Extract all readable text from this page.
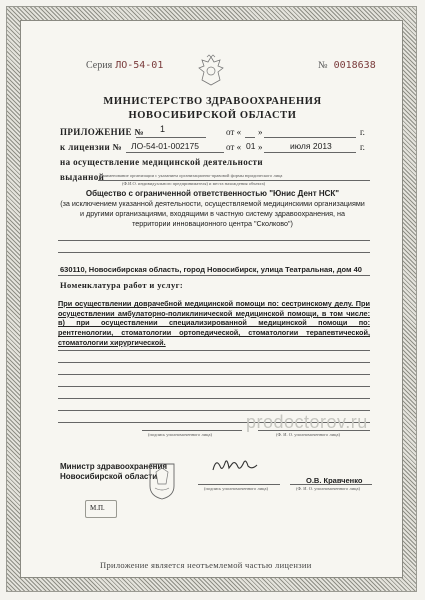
Серия ЛО-54-01	№ 0018638
МИНИСТЕРСТВО ЗДРАВООХРАНЕНИЯ
НОВОСИБИРСКОЙ ОБЛАСТИ
ПРИЛОЖЕНИЕ № 1	от « »	г.
к лицензии № ЛО-54-01-002175	от « 01 »	июля 2013	г.
на осуществление медицинской деятельности
выданной
(наименование организации с указанием организационно-правовой формы юридического лица
(Ф.И.О. индивидуального предпринимателя) и места нахождения объекта)
Общество с ограниченной ответственностью "Юнис Дент НСК"
(за исключением указанной деятельности, осуществляемой медицинскими организациями
и другими организациями, входящими в частную систему здравоохранения, на
территории инновационного центра "Сколково")
630110, Новосибирская область, город Новосибирск, улица Театральная, дом 40
Номенклатура работ и услуг:
При осуществлении доврачебной медицинской помощи по: сестринскому делу. При осуществлении амбулаторно-поликлинической медицинской помощи, в том числе: в) при осуществлении специализированной медицинской помощи по: рентгенологии, стоматологии ортопедической, стоматологии терапевтической, стоматологии хирургической.
(подпись уполномоченного лица)	(Ф. И. О. уполномоченного лица)
prodoctorov.ru
Министр здравоохранения
Новосибирской области
(подпись уполномоченного лица)
О.В. Кравченко
(Ф. И. О. уполномоченного лица)
М.П.
Приложение является неотъемлемой частью лицензии
